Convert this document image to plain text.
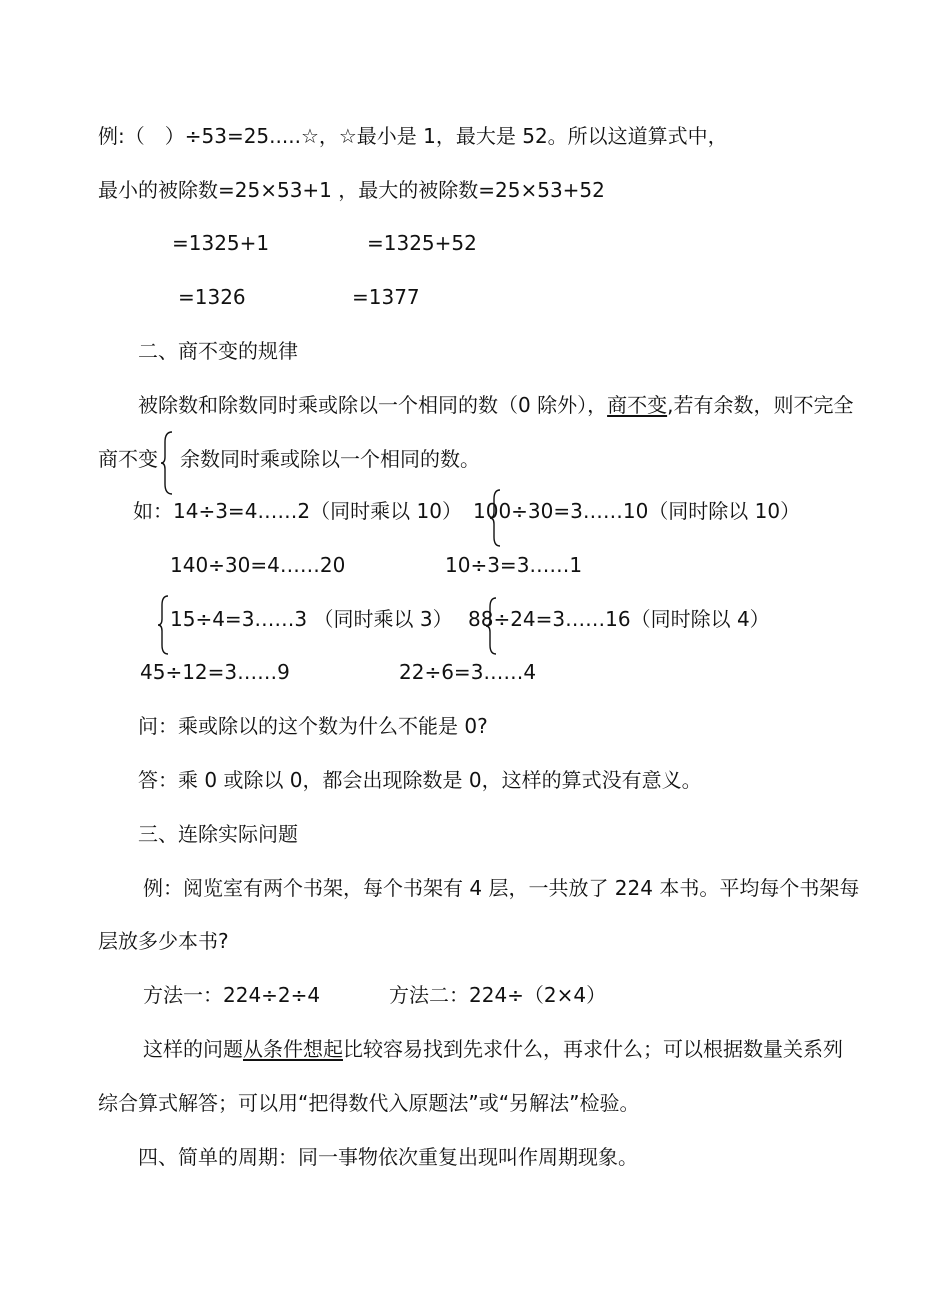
例:（　）÷53=25.....☆，☆最小是 1，最大是 52。所以这道算式中，
最小的被除数=25×53+1 ，最大的被除数=25×53+52
=1325+1	=1325+52
=1326	=1377
二、商不变的规律
被除数和除数同时乘或除以一个相同的数（0 除外），商不变,若有余数，则不完全
商不变 余数同时乘或除以一个相同的数。
如：14÷3=4……2（同时乘以 10） 100÷30=3……10（同时除以 10）
140÷30=4……20	10÷3=3……1
15÷4=3……3 （同时乘以 3） 88÷24=3……16（同时除以 4）
45÷12=3……9	22÷6=3……4
问：乘或除以的这个数为什么不能是 0?
答：乘 0 或除以 0，都会出现除数是 0，这样的算式没有意义。
三、连除实际问题
例：阅览室有两个书架，每个书架有 4 层，一共放了 224 本书。平均每个书架每
层放多少本书?
方法一：224÷2÷4	方法二：224÷（2×4）
这样的问题从条件想起比较容易找到先求什么，再求什么；可以根据数量关系列
综合算式解答；可以用“把得数代入原题法”或“另解法”检验。
四、简单的周期：同一事物依次重复出现叫作周期现象。
